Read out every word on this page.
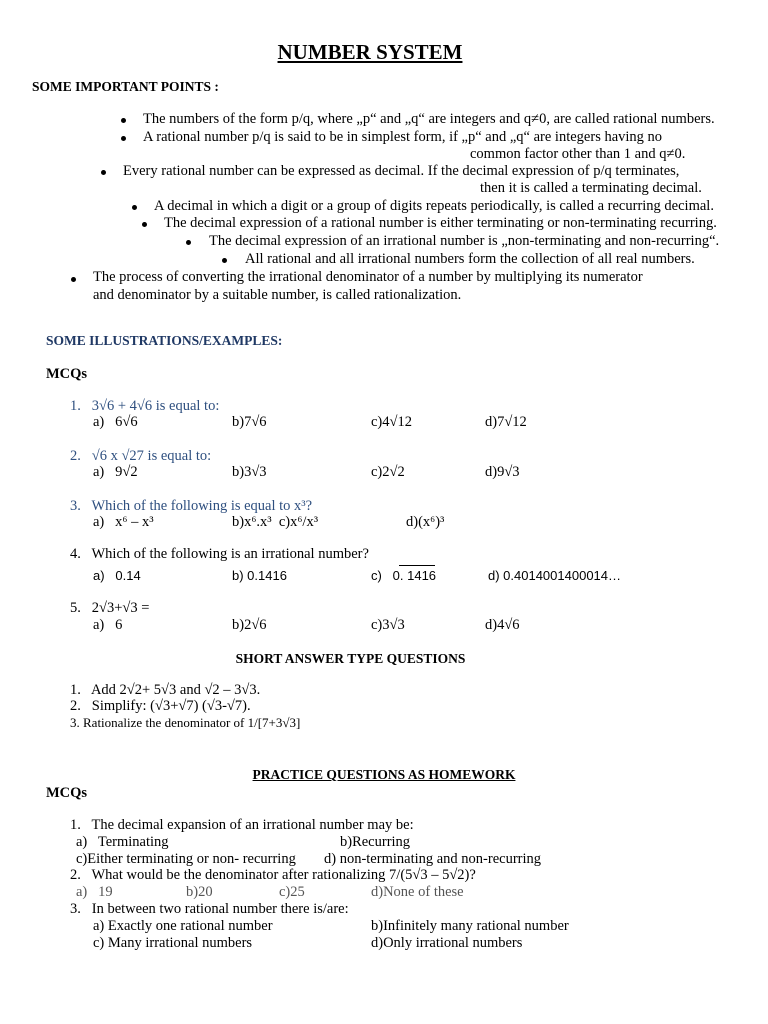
NUMBER SYSTEM
SOME IMPORTANT POINTS :
The numbers of the form p/q, where „p“ and „q“ are integers and q≠0, are called rational numbers.
A rational number p/q is said to be in simplest form, if „p“ and „q“ are integers having no
common factor other than 1 and q≠0.
Every rational number can be expressed as decimal. If the decimal expression of p/q terminates,
then it is called a terminating decimal.
A decimal in which a digit or a group of digits repeats periodically, is called a recurring decimal.
The decimal expression of a rational number is either terminating or non-terminating recurring.
The decimal expression of an irrational number is „non-terminating and non-recurring“.
All rational and all irrational numbers form the collection of all real numbers.
The process of converting the irrational denominator of a number by multiplying its numerator
and denominator by a suitable number, is called rationalization.
SOME ILLUSTRATIONS/EXAMPLES:
MCQs
1.   3√6 + 4√6 is equal to:
a)   6√6	b)7√6	c)4√12	d)7√12
2.   √6 x √27 is equal to:
a)   9√2	b)3√3	c)2√2	d)9√3
3.   Which of the following is equal to x³?
a)   x⁶ – x³	b)x⁶.x³  c)x⁶/x³	d)(x⁶)³
4.   Which of the following is an irrational number?
a)   0.14	b) 0.1416	c)   0. 1416	d) 0.4014001400014…
5.   2√3+√3 =
a)   6	b)2√6	c)3√3	d)4√6
SHORT ANSWER TYPE QUESTIONS
1.   Add 2√2+ 5√3 and √2 – 3√3.
2.   Simplify: (√3+√7) (√3-√7).
3. Rationalize the denominator of 1/[7+3√3]
PRACTICE QUESTIONS AS HOMEWORK
MCQs
1.   The decimal expansion of an irrational number may be:
a)   Terminating	b)Recurring
c)Either terminating or non- recurring d) non-terminating and non-recurring
2.   What would be the denominator after rationalizing 7/(5√3 – 5√2)?
a)   19	b)20	c)25	d)None of these
3.   In between two rational number there is/are:
a) Exactly one rational number	b)Infinitely many rational number
c) Many irrational numbers	d)Only irrational numbers
